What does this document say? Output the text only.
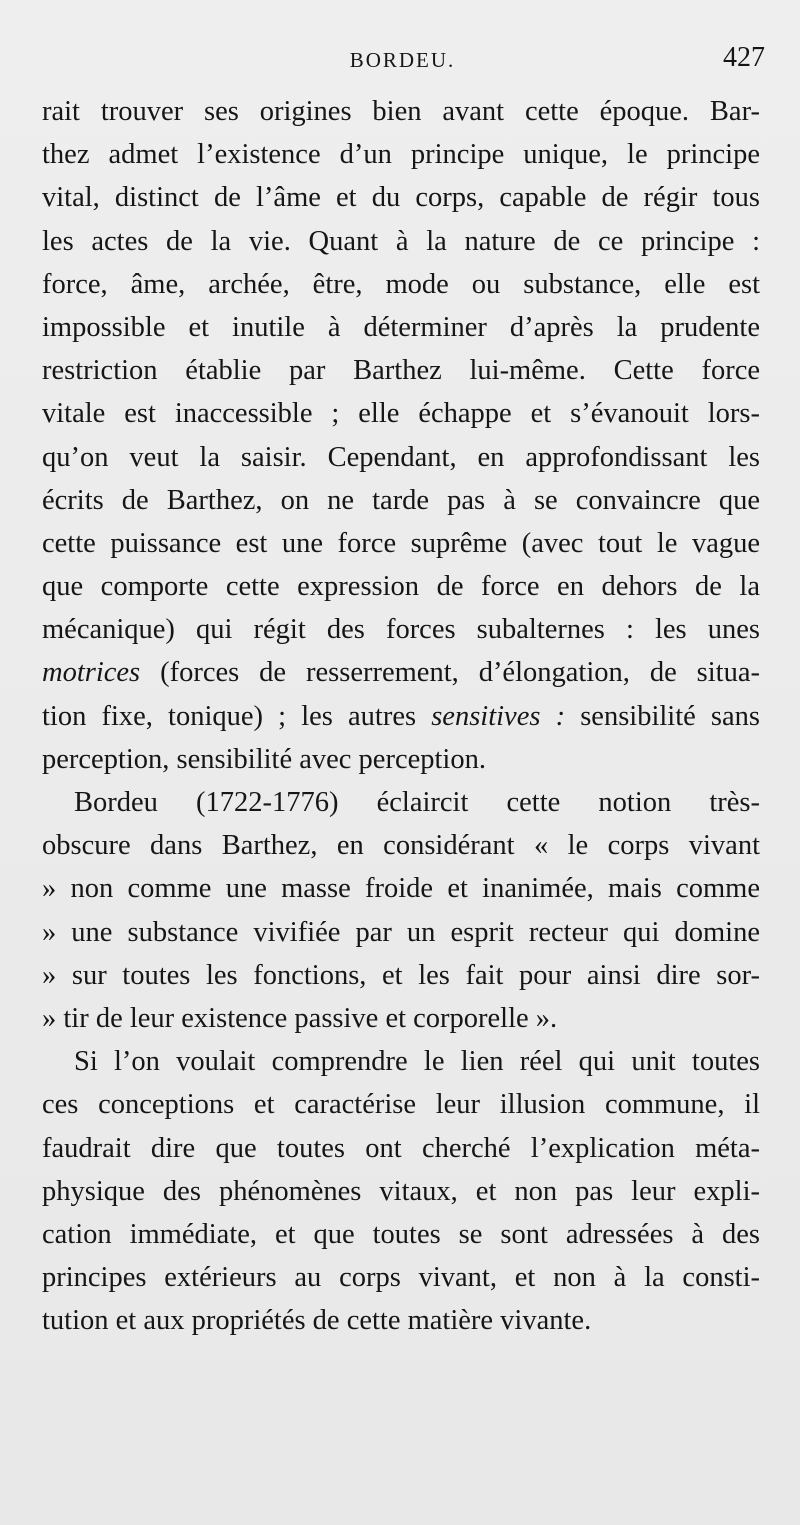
BORDEU.	427
rait trouver ses origines bien avant cette époque. Bar-
thez admet l’existence d’un principe unique, le principe
vital, distinct de l’âme et du corps, capable de régir tous
les actes de la vie. Quant à la nature de ce principe :
force, âme, archée, être, mode ou substance, elle est
impossible et inutile à déterminer d’après la prudente
restriction établie par Barthez lui-même. Cette force
vitale est inaccessible ; elle échappe et s’évanouit lors-
qu’on veut la saisir. Cependant, en approfondissant les
écrits de Barthez, on ne tarde pas à se convaincre que
cette puissance est une force suprême (avec tout le vague
que comporte cette expression de force en dehors de la
mécanique) qui régit des forces subalternes : les unes
motrices (forces de resserrement, d’élongation, de situa-
tion fixe, tonique) ; les autres sensitives : sensibilité sans
perception, sensibilité avec perception.
Bordeu (1722-1776) éclaircit cette notion très-
obscure dans Barthez, en considérant « le corps vivant
» non comme une masse froide et inanimée, mais comme
» une substance vivifiée par un esprit recteur qui domine
» sur toutes les fonctions, et les fait pour ainsi dire sor-
» tir de leur existence passive et corporelle ».
Si l’on voulait comprendre le lien réel qui unit toutes
ces conceptions et caractérise leur illusion commune, il
faudrait dire que toutes ont cherché l’explication méta-
physique des phénomènes vitaux, et non pas leur expli-
cation immédiate, et que toutes se sont adressées à des
principes extérieurs au corps vivant, et non à la consti-
tution et aux propriétés de cette matière vivante.
